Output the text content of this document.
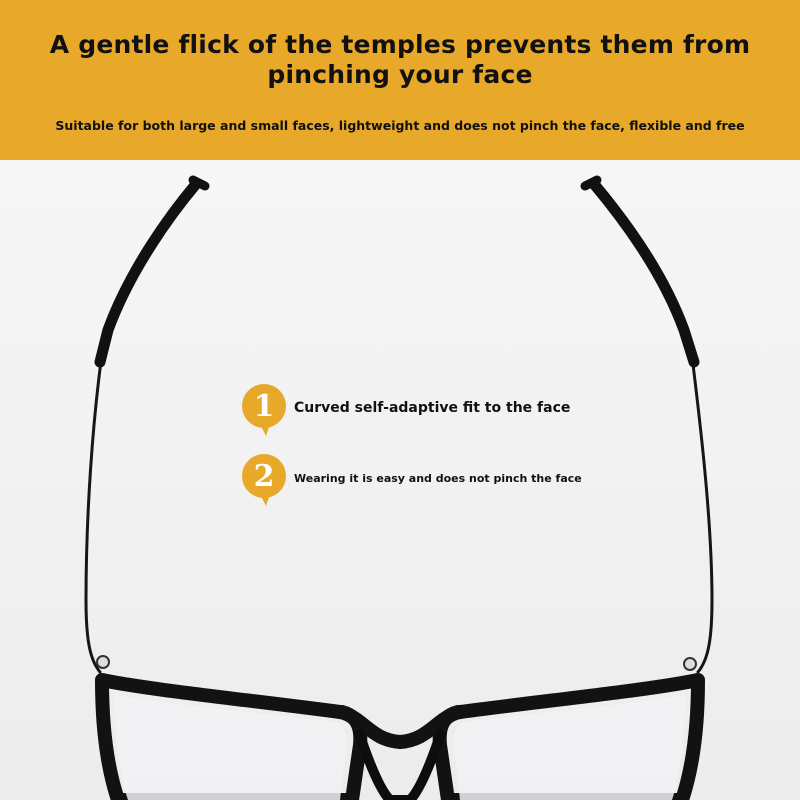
A gentle flick of the temples prevents them from pinching your face
Suitable for both large and small faces, lightweight and does not pinch the face, flexible and free
1	Curved self-adaptive fit to the face
2	Wearing it is easy and does not pinch the face
